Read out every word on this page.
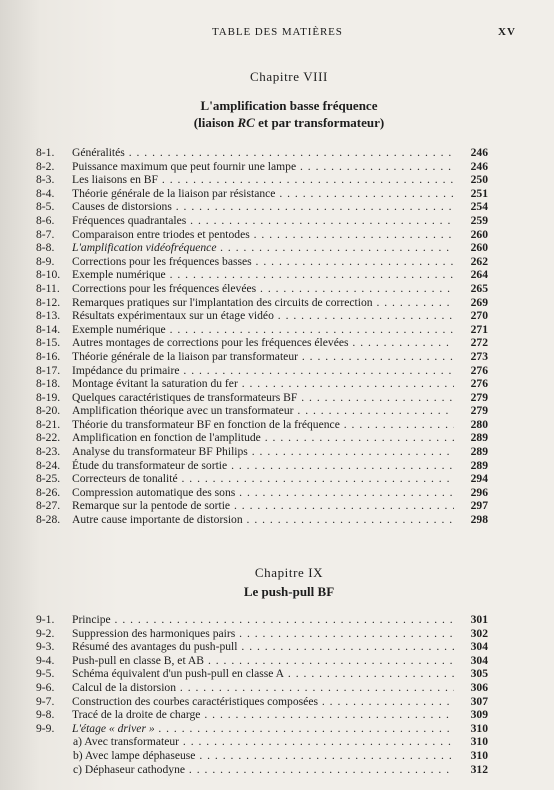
TABLE DES MATIÈRES	XV
Chapitre VIII
L'amplification basse fréquence
(liaison RC et par transformateur)
8-1. Généralités . . .	246
8-2. Puissance maximum que peut fournir une lampe . . .	246
8-3. Les liaisons en BF . . .	250
8-4. Théorie générale de la liaison par résistance . . .	251
8-5. Causes de distorsions . . .	254
8-6. Fréquences quadrantales . . .	259
8-7. Comparaison entre triodes et pentodes . . .	260
8-8. L'amplification vidéofréquence . . .	260
8-9. Corrections pour les fréquences basses . . .	262
8-10. Exemple numérique . . .	264
8-11. Corrections pour les fréquences élevées . . .	265
8-12. Remarques pratiques sur l'implantation des circuits de correction . . .	269
8-13. Résultats expérimentaux sur un étage vidéo . . .	270
8-14. Exemple numérique . . .	271
8-15. Autres montages de corrections pour les fréquences élevées . . .	272
8-16. Théorie générale de la liaison par transformateur . . .	273
8-17. Impédance du primaire . . .	276
8-18. Montage évitant la saturation du fer . . .	276
8-19. Quelques caractéristiques de transformateurs BF . . .	279
8-20. Amplification théorique avec un transformateur . . .	279
8-21. Théorie du transformateur BF en fonction de la fréquence . . .	280
8-22. Amplification en fonction de l'amplitude . . .	289
8-23. Analyse du transformateur BF Philips . . .	289
8-24. Étude du transformateur de sortie . . .	289
8-25. Correcteurs de tonalité . . .	294
8-26. Compression automatique des sons . . .	296
8-27. Remarque sur la pentode de sortie . . .	297
8-28. Autre cause importante de distorsion . . .	298
Chapitre IX
Le push-pull BF
9-1. Principe . . .	301
9-2. Suppression des harmoniques pairs . . .	302
9-3. Résumé des avantages du push-pull . . .	304
9-4. Push-pull en classe B, et AB . . .	304
9-5. Schéma équivalent d'un push-pull en classe A . . .	305
9-6. Calcul de la distorsion . . .	306
9-7. Construction des courbes caractéristiques composées . . .	307
9-8. Tracé de la droite de charge . . .	309
9-9. L'étage « driver » . . .	310
a) Avec transformateur . . .	310
b) Avec lampe déphaseuse . . .	310
c) Déphaseur cathodyne . . .	312
